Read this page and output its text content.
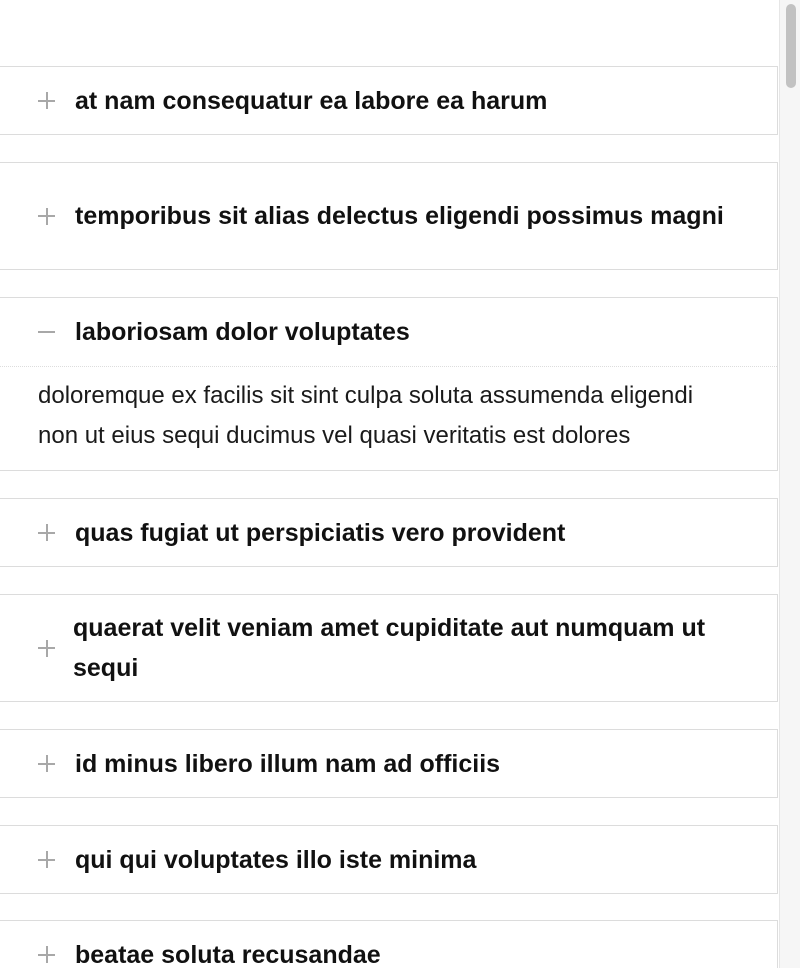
at nam consequatur ea labore ea harum
temporibus sit alias delectus eligendi possimus magni
laboriosam dolor voluptates
doloremque ex facilis sit sint culpa soluta assumenda eligendi non ut eius sequi ducimus vel quasi veritatis est dolores
quas fugiat ut perspiciatis vero provident
quaerat velit veniam amet cupiditate aut numquam ut sequi
id minus libero illum nam ad officiis
qui qui voluptates illo iste minima
beatae soluta recusandae
